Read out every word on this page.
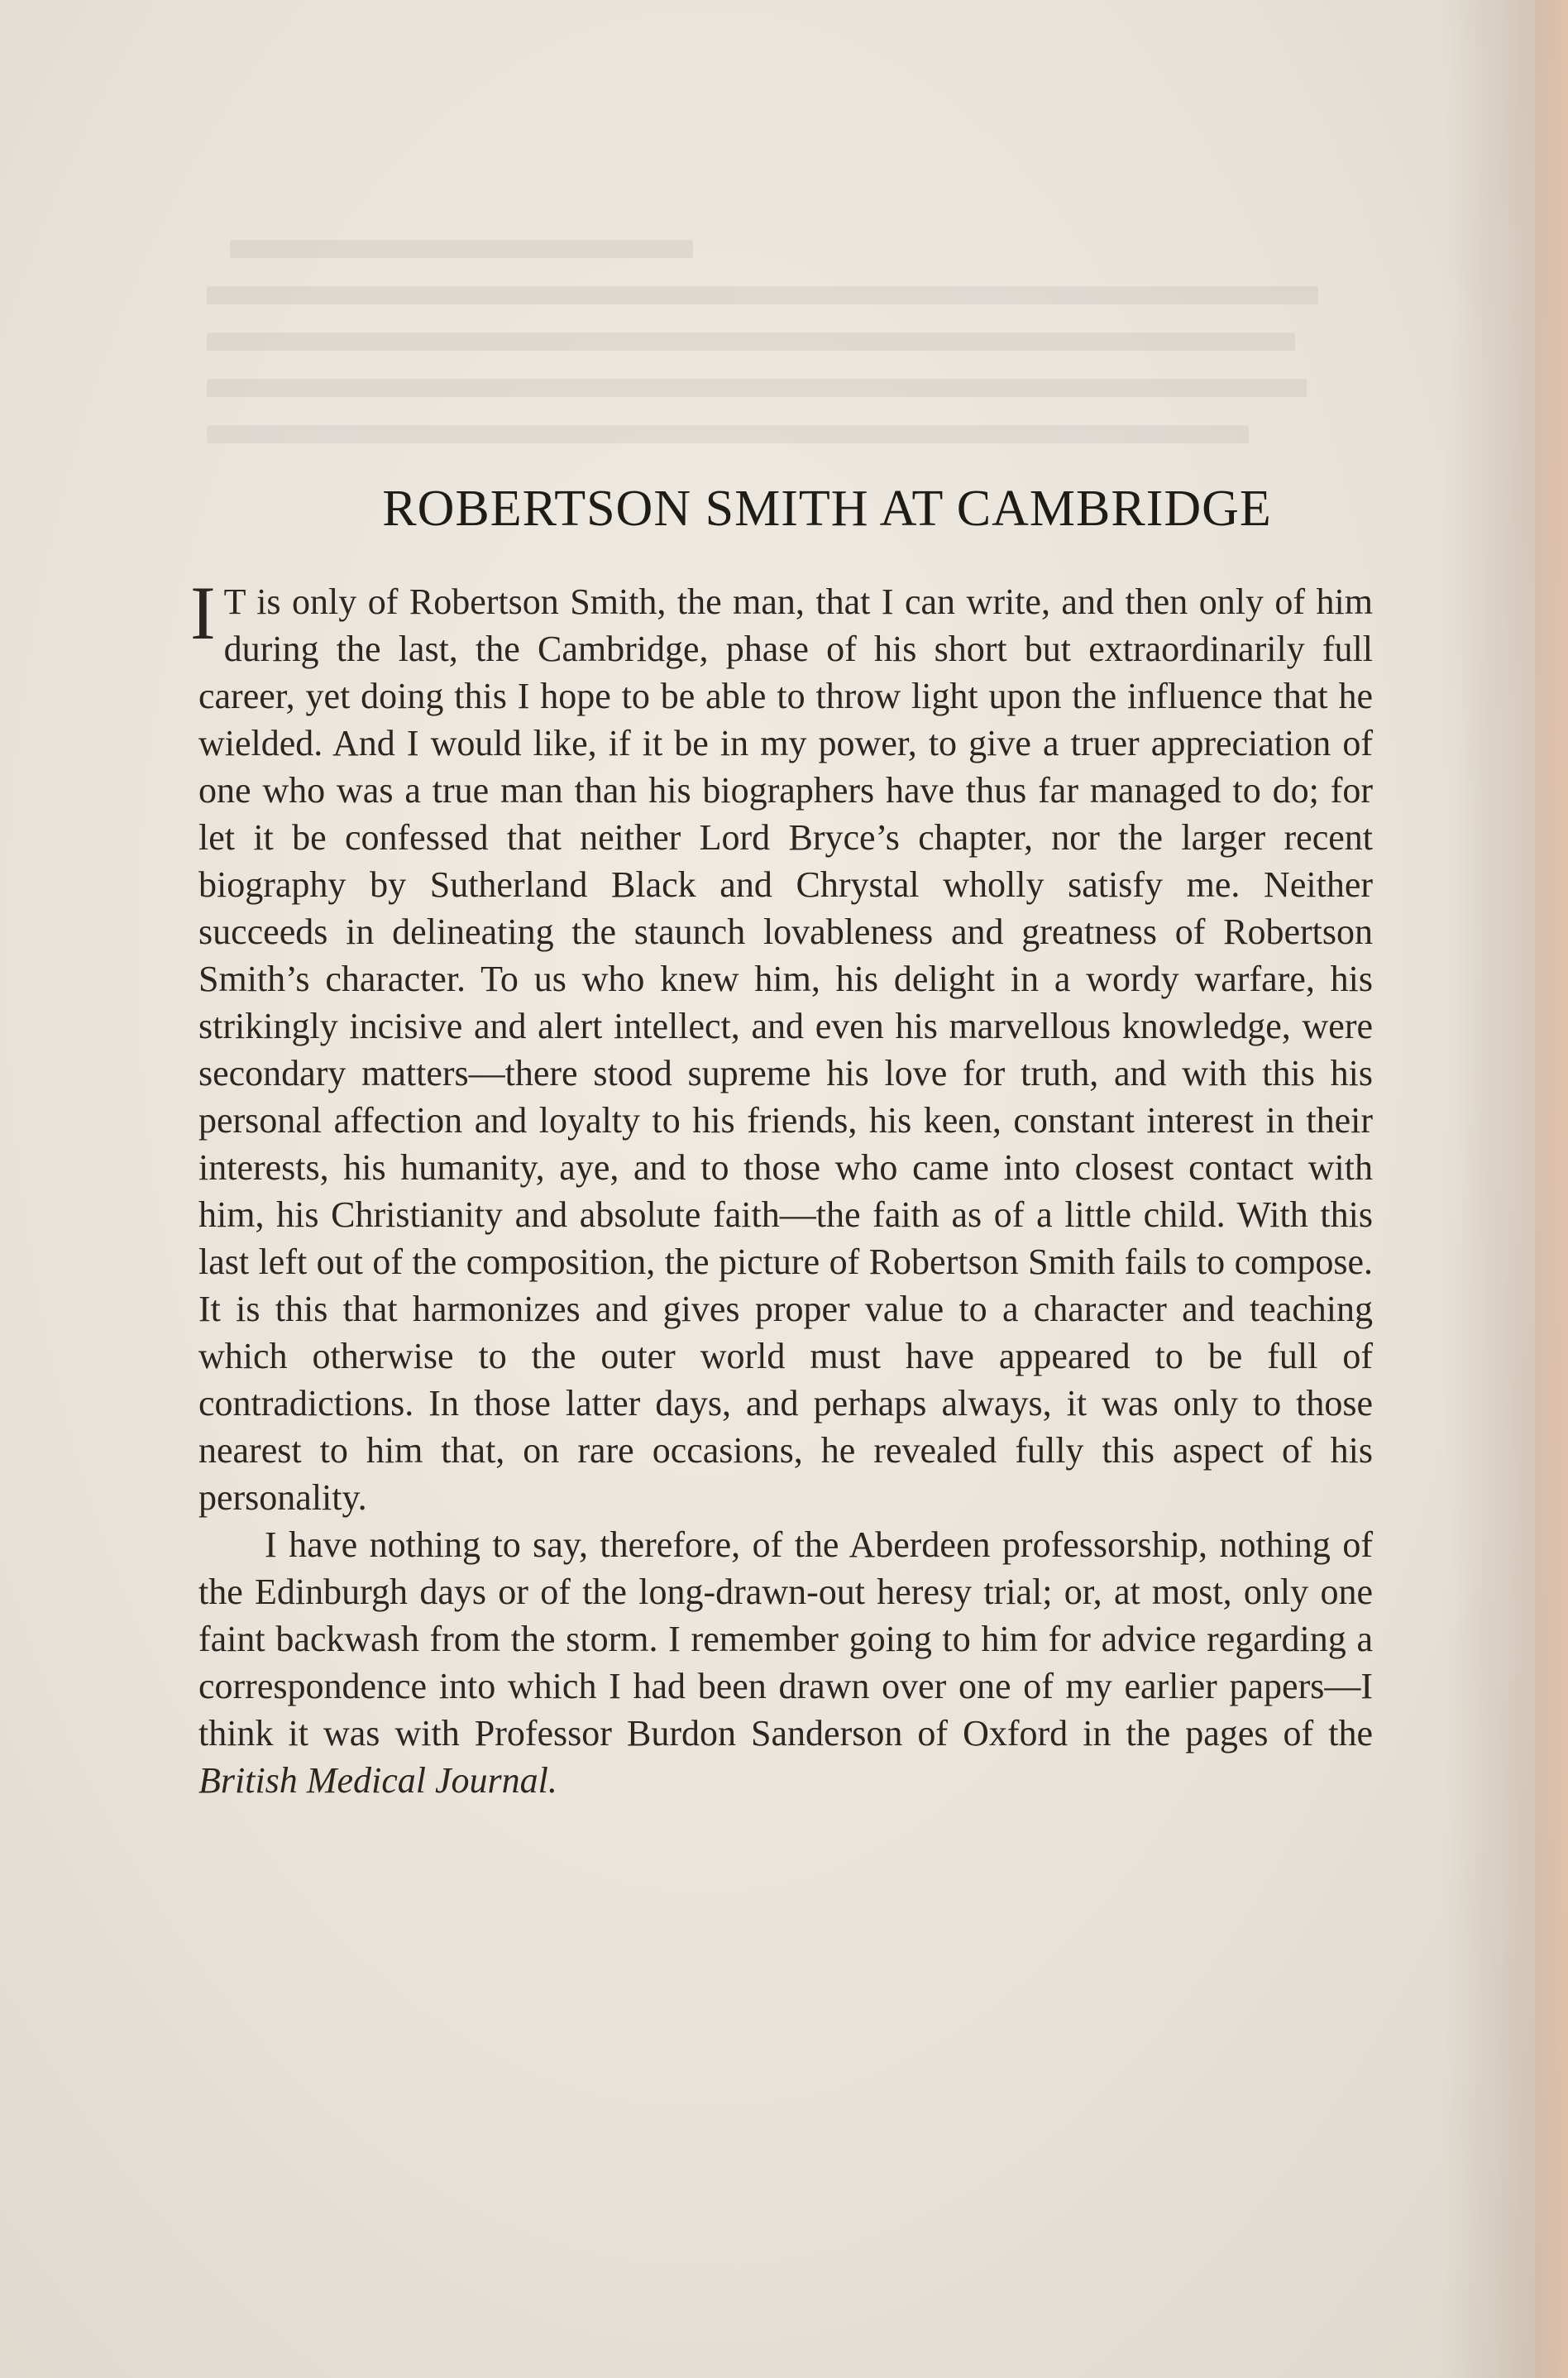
ROBERTSON SMITH AT CAMBRIDGE

I T is only of Robertson Smith, the man, that I can write, and then only of him during the last, the Cambridge, phase of his short but extraordinarily full career, yet doing this I hope to be able to throw light upon the influence that he wielded. And I would like, if it be in my power, to give a truer appreciation of one who was a true man than his biographers have thus far managed to do; for let it be confessed that neither Lord Bryce’s chapter, nor the larger recent biography by Sutherland Black and Chrystal wholly satisfy me. Neither succeeds in delineating the staunch lovableness and greatness of Robertson Smith’s character. To us who knew him, his delight in a wordy warfare, his strikingly incisive and alert intellect, and even his marvellous knowledge, were secondary matters—there stood supreme his love for truth, and with this his personal affection and loyalty to his friends, his keen, constant interest in their interests, his humanity, aye, and to those who came into closest contact with him, his Christianity and absolute faith—the faith as of a little child. With this last left out of the composition, the picture of Robertson Smith fails to compose. It is this that harmonizes and gives proper value to a character and teaching which otherwise to the outer world must have appeared to be full of contradictions. In those latter days, and perhaps always, it was only to those nearest to him that, on rare occasions, he revealed fully this aspect of his personality.

I have nothing to say, therefore, of the Aberdeen professorship, nothing of the Edinburgh days or of the long-drawn-out heresy trial; or, at most, only one faint backwash from the storm. I remember going to him for advice regarding a correspondence into which I had been drawn over one of my earlier papers—I think it was with Professor Burdon Sanderson of Oxford in the pages of the British Medical Journal.
